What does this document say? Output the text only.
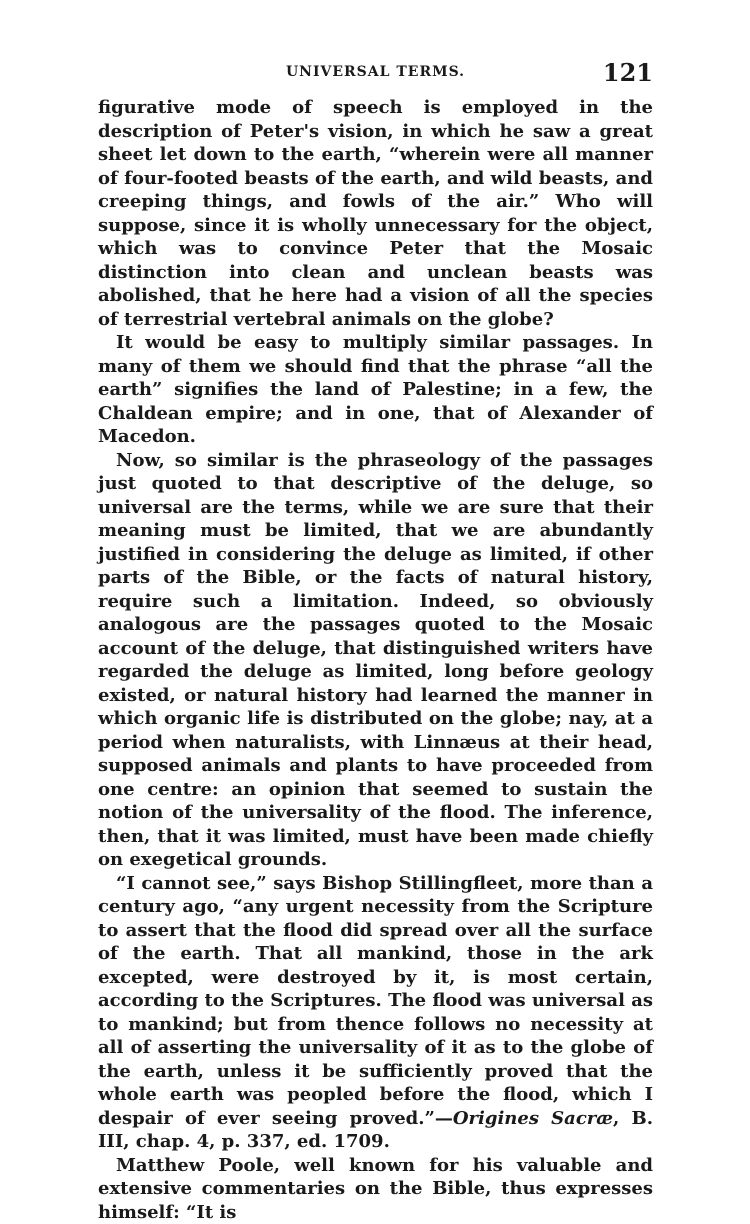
UNIVERSAL TERMS.	121

figurative mode of speech is employed in the description of Peter's vision, in which he saw a great sheet let down to the earth, “wherein were all manner of four-footed beasts of the earth, and wild beasts, and creeping things, and fowls of the air.” Who will suppose, since it is wholly unnecessary for the object, which was to convince Peter that the Mosaic distinction into clean and unclean beasts was abolished, that he here had a vision of all the species of terrestrial vertebral animals on the globe?

It would be easy to multiply similar passages. In many of them we should find that the phrase “all the earth” signifies the land of Palestine; in a few, the Chaldean empire; and in one, that of Alexander of Macedon.

Now, so similar is the phraseology of the passages just quoted to that descriptive of the deluge, so universal are the terms, while we are sure that their meaning must be limited, that we are abundantly justified in considering the deluge as limited, if other parts of the Bible, or the facts of natural history, require such a limitation. Indeed, so obviously analogous are the passages quoted to the Mosaic account of the deluge, that distinguished writers have regarded the deluge as limited, long before geology existed, or natural history had learned the manner in which organic life is distributed on the globe; nay, at a period when naturalists, with Linnæus at their head, supposed animals and plants to have proceeded from one centre: an opinion that seemed to sustain the notion of the universality of the flood. The inference, then, that it was limited, must have been made chiefly on exegetical grounds.

“I cannot see,” says Bishop Stillingfleet, more than a century ago, “any urgent necessity from the Scripture to assert that the flood did spread over all the surface of the earth. That all mankind, those in the ark excepted, were destroyed by it, is most certain, according to the Scriptures. The flood was universal as to mankind; but from thence follows no necessity at all of asserting the universality of it as to the globe of the earth, unless it be sufficiently proved that the whole earth was peopled before the flood, which I despair of ever seeing proved.”—Origines Sacræ, B. III, chap. 4, p. 337, ed. 1709.

Matthew Poole, well known for his valuable and extensive commentaries on the Bible, thus expresses himself: “It is
